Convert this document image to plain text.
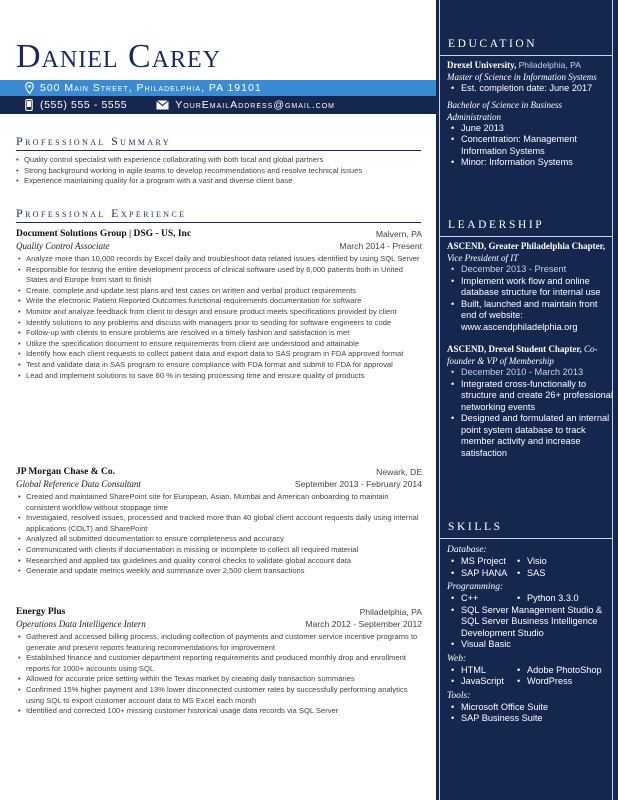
Daniel Carey
500 Main Street, Philadelphia, PA 19101
(555) 555 - 5555	YourEmailAddress@gmail.com
Professional Summary
• Quality control specialist with experience collaborating with both local and global partners
• Strong background working in agile teams to develop recommendations and resolve technical issues
• Experience maintaining quality for a program with a vast and diverse client base
Professional Experience
Document Solutions Group | DSG - US, Inc	Malvern, PA
Quality Control Associate	March 2014 - Present
• Analyze more than 10,000 records by Excel daily and troubleshoot data related issues identified by using SQL Server
• Responsible for testing the entire development process of clinical software used by 6,000 patients both in United States and Europe from start to finish
• Create, complete and update test plans and test cases on written and verbal product requirements
• Write the electronic Patient Reported Outcomes functional requirements documentation for software
• Monitor and analyze feedback from client to design and ensure product meets specifications provided by client
• Identify solutions to any problems and discuss with managers prior to sending for software engineers to code
• Follow-up with clients to ensure problems are resolved in a timely fashion and satisfaction is met
• Utilize the specification document to ensure requirements from client are understood and attainable
• Identify how each client requests to collect patient data and export data to SAS program in FDA approved format
• Test and validate data in SAS program to ensure compliance with FDA format and submit to FDA for approval
• Lead and implement solutions to save 60 % in testing processing time and ensure quality of products
JP Morgan Chase & Co.	Newark, DE
Global Reference Data Consultant	September 2013 - February 2014
• Created and maintained SharePoint site for European, Asian, Mumbai and American onboarding to maintain consistent workflow without stoppage time
• Investigated, resolved issues, processed and tracked more than 40 global client account requests daily using internal applications (COLT) and SharePoint
• Analyzed all submitted documentation to ensure completeness and accuracy
• Communicated with clients if documentation is missing or incomplete to collect all required material
• Researched and applied tax guidelines and quality control checks to validate global account data
• Generate and update metrics weekly and summarize over 2,500 client transactions
Energy Plus	Philadelphia, PA
Operations Data Intelligence Intern	March 2012 - September 2012
• Gathered and accessed billing process, including collection of payments and customer service incentive programs to generate and present reports featuring recommendations for improvement
• Established finance and customer department reporting requirements and produced monthly drop and enrollment reports for 1000+ accounts using SQL
• Allowed for accurate price setting within the Texas market by creating daily transaction summaries
• Confirmed 15% higher payment and 13% lower disconnected customer rates by successfully performing analytics using SQL to export customer account data to MS Excel each month
• Identified and corrected 100+ missing customer historical usage data records via SQL Server
EDUCATION
Drexel University, Philadelphia, PA
Master of Science in Information Systems
• Est. completion date: June 2017
Bachelor of Science in Business Administration
• June 2013
• Concentration: Management Information Systems
• Minor: Information Systems
LEADERSHIP
ASCEND, Greater Philadelphia Chapter, Vice President of IT
• December 2013 - Present
• Implement work flow and online database structure for internal use
• Built, launched and maintain front end of website: www.ascendphiladelphia.org
ASCEND, Drexel Student Chapter, Co-founder & VP of Membership
• December 2010 - March 2013
• Integrated cross-functionally to structure and create 26+ professional networking events
• Designed and formulated an internal point system database to track member activity and increase satisfaction
SKILLS
Database:
• MS Project
• SAP HANA
• Visio
• SAS
Programming:
• C++
•	Python 3.3.0
• SQL Server Management Studio & SQL Server Business Intelligence Development Studio
• Visual Basic
Web:
• HTML
• JavaScript
• Adobe PhotoShop
• WordPress
Tools:
• Microsoft Office Suite
• SAP Business Suite
